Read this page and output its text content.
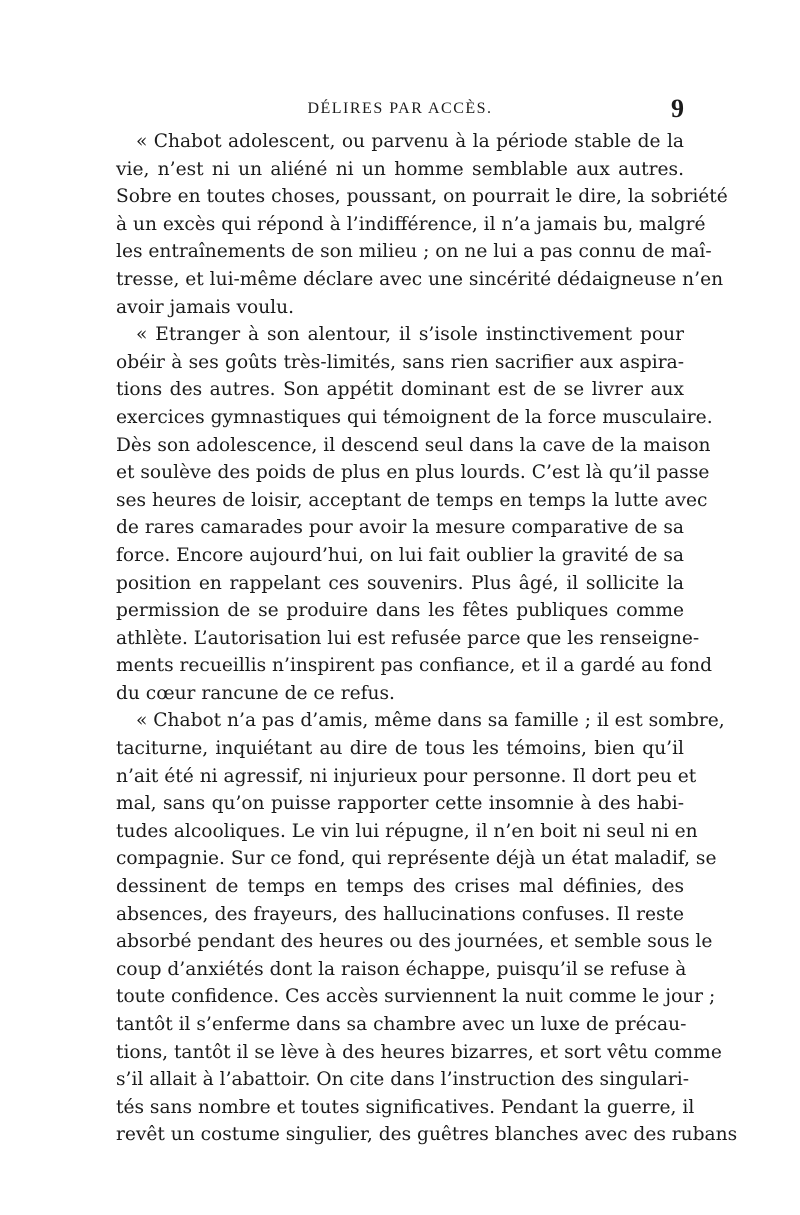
DÉLIRES PAR ACCÈS.	9
« Chabot adolescent, ou parvenu à la période stable de la
vie, n’est ni un aliéné ni un homme semblable aux autres.
Sobre en toutes choses, poussant, on pourrait le dire, la sobriété
à un excès qui répond à l’indifférence, il n’a jamais bu, malgré
les entraînements de son milieu ; on ne lui a pas connu de maî-
tresse, et lui-même déclare avec une sincérité dédaigneuse n’en
avoir jamais voulu.
« Etranger à son alentour, il s’isole instinctivement pour
obéir à ses goûts très-limités, sans rien sacrifier aux aspira-
tions des autres. Son appétit dominant est de se livrer aux
exercices gymnastiques qui témoignent de la force musculaire.
Dès son adolescence, il descend seul dans la cave de la maison
et soulève des poids de plus en plus lourds. C’est là qu’il passe
ses heures de loisir, acceptant de temps en temps la lutte avec
de rares camarades pour avoir la mesure comparative de sa
force. Encore aujourd’hui, on lui fait oublier la gravité de sa
position en rappelant ces souvenirs. Plus âgé, il sollicite la
permission de se produire dans les fêtes publiques comme
athlète. L’autorisation lui est refusée parce que les renseigne-
ments recueillis n’inspirent pas confiance, et il a gardé au fond
du cœur rancune de ce refus.
« Chabot n’a pas d’amis, même dans sa famille ; il est sombre,
taciturne, inquiétant au dire de tous les témoins, bien qu’il
n’ait été ni agressif, ni injurieux pour personne. Il dort peu et
mal, sans qu’on puisse rapporter cette insomnie à des habi-
tudes alcooliques. Le vin lui répugne, il n’en boit ni seul ni en
compagnie. Sur ce fond, qui représente déjà un état maladif, se
dessinent de temps en temps des crises mal définies, des
absences, des frayeurs, des hallucinations confuses. Il reste
absorbé pendant des heures ou des journées, et semble sous le
coup d’anxiétés dont la raison échappe, puisqu’il se refuse à
toute confidence. Ces accès surviennent la nuit comme le jour ;
tantôt il s’enferme dans sa chambre avec un luxe de précau-
tions, tantôt il se lève à des heures bizarres, et sort vêtu comme
s’il allait à l’abattoir. On cite dans l’instruction des singulari-
tés sans nombre et toutes significatives. Pendant la guerre, il
revêt un costume singulier, des guêtres blanches avec des rubans
